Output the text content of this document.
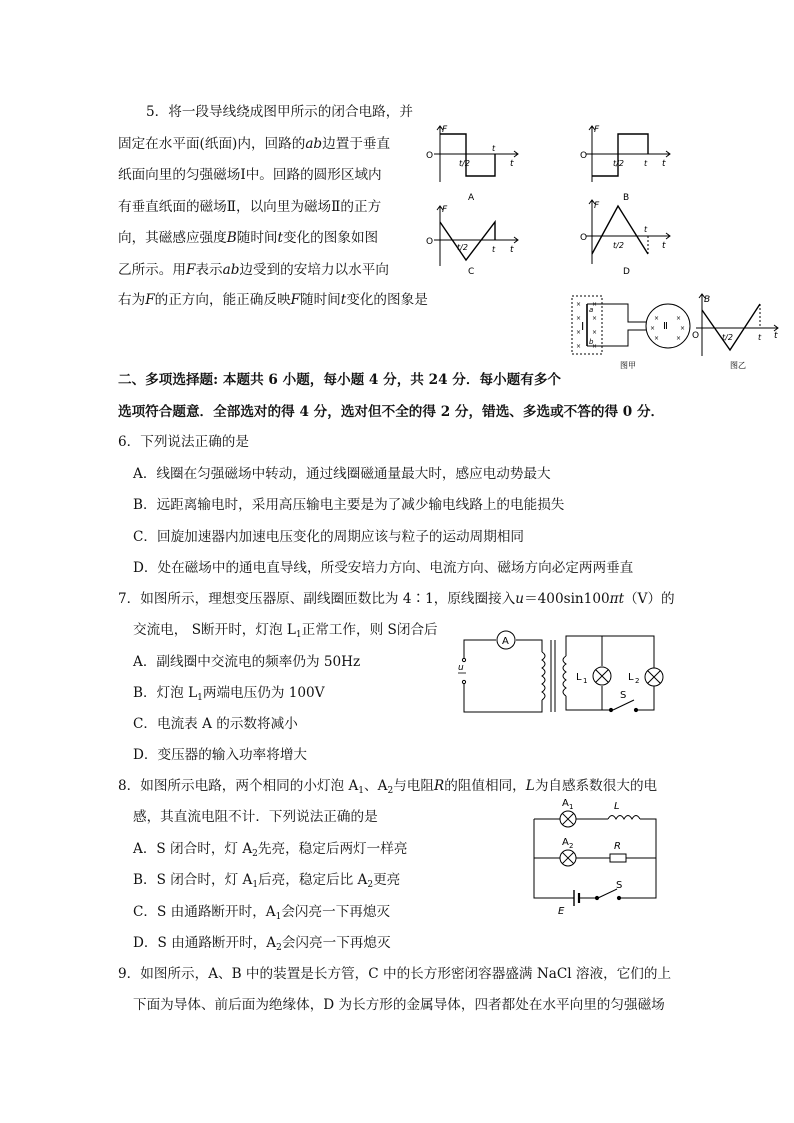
5．将一段导线绕成图甲所示的闭合电路，并
固定在水平面(纸面)内，回路的ab边置于垂直
纸面向里的匀强磁场Ⅰ中。回路的圆形区域内
有垂直纸面的磁场Ⅱ，以向里为磁场Ⅱ的正方
向，其磁感应强度B随时间t变化的图象如图
乙所示。用F表示ab边受到的安培力以水平向
右为F的正方向，能正确反映F随时间t变化的图象是
F
O
t
t/2
t
A
F
O
t
t/2	t
B
F
O
t
t/2	t
C
F
O
t
t/2
t
D
× ×
× ×
× ×
× ×
Ⅰ
a
b
×	×
×	×
×	×
Ⅱ
图甲
B
O	t
t/2	t
图乙
二、多项选择题: 本题共 6 小题，每小题 4 分，共 24 分．每小题有多个
选项符合题意．全部选对的得 4 分，选对但不全的得 2 分，错选、多选或不答的得 0 分．
6．下列说法正确的是
A．线圈在匀强磁场中转动，通过线圈磁通量最大时，感应电动势最大
B．远距离输电时，采用高压输电主要是为了减少输电线路上的电能损失
C．回旋加速器内加速电压变化的周期应该与粒子的运动周期相同
D．处在磁场中的通电直导线，所受安培力方向、电流方向、磁场方向必定两两垂直
7．如图所示，理想变压器原、副线圈匝数比为 4∶1，原线圈接入u＝400sin100πt（V）的
交流电， S断开时，灯泡 $L_1$正常工作，则 S闭合后
A．副线圈中交流电的频率仍为 50Hz
B．灯泡 $L_1$两端电压仍为 100V
C．电流表 A 的示数将减小
D．变压器的输入功率将增大
A
u
L 1	L 2
S
8．如图所示电路，两个相同的小灯泡 $A_1$、$A_2$与电阻R的阻值相同，L为自感系数很大的电
感，其直流电阻不计．下列说法正确的是
A．S 闭合时，灯 $A_2$先亮，稳定后两灯一样亮
B．S 闭合时，灯 $A_1$后亮，稳定后比 $A_2$更亮
C．S 由通路断开时，$A_1$会闪亮一下再熄灭
D．S 由通路断开时，$A_2$会闪亮一下再熄灭
A 1	L
A 2	R
S
E
9．如图所示，A、B 中的装置是长方管，C 中的长方形密闭容器盛满 NaCl 溶液，它们的上
下面为导体、前后面为绝缘体，D 为长方形的金属导体，四者都处在水平向里的匀强磁场
